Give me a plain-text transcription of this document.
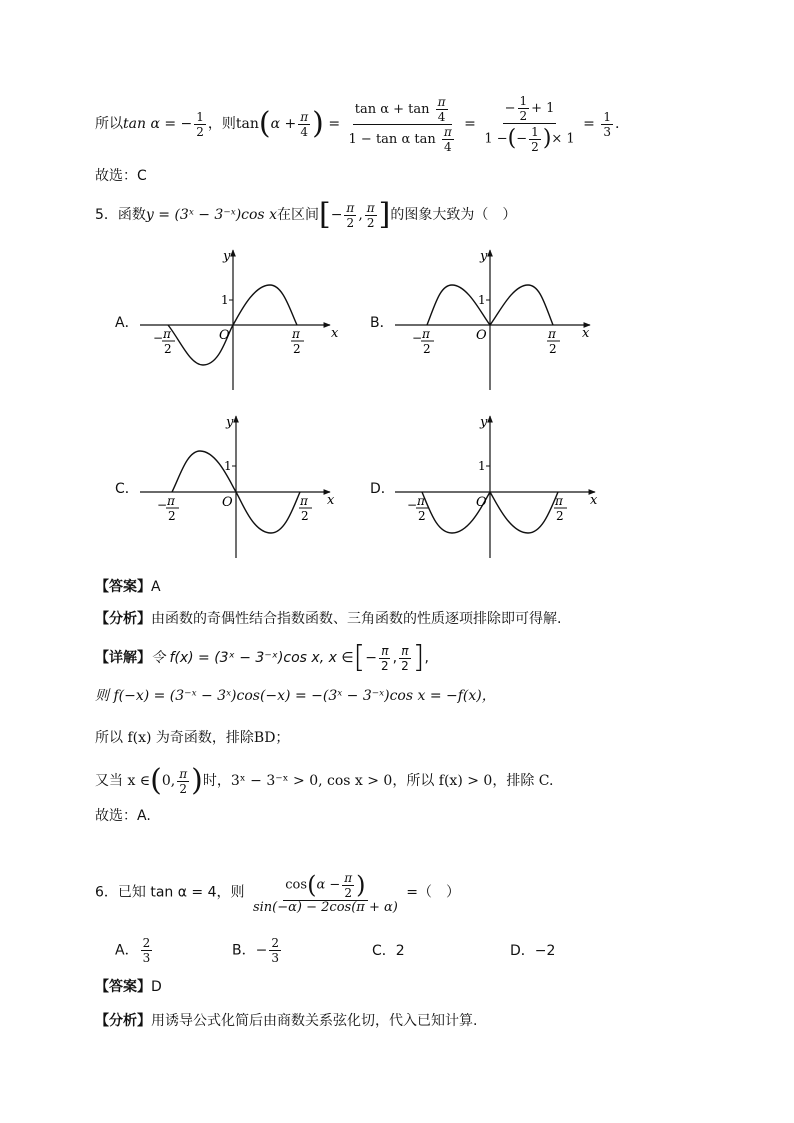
所以tan α = − $\frac{1}{2}$ ，则$\tan(\alpha + \frac{\pi}{4}$ ) = $\frac{\tan \alpha + \tan \frac{\pi}{4}}{1 - \tan \alpha \tan \frac{\pi}{4}} = \frac{- \frac{1}{2} + 1}{1 -(- \frac{1}{2} )\times 1} = \frac{1}{3}$ .
故选：C
5．函数y = (3ˣ − 3⁻ˣ)cos x在区间[− $\frac{\pi}{2}$ , $\frac{\pi}{2}$ ]的图象大致为（　）
A．	B．
C．	D．
y
x
O
1
− π
2
π
2
y
x
O
1
− π
2
π
2
y
x
O
1
− π
2
π
2
y
x
O
1
− π
2
π
2
【答案】A
【分析】由函数的奇偶性结合指数函数、三角函数的性质逐项排除即可得解.
【详解】令 f(x) = (3ˣ − 3⁻ˣ)cos x, x ∈[− $\frac{\pi}{2}$ , $\frac{\pi}{2}$ ],
则 f(−x) = (3⁻ˣ − 3ˣ)cos(−x) = −(3ˣ − 3⁻ˣ)cos x = −f(x)，
所以 f(x) 为奇函数，排除BD；
又当 x ∈(0, $\frac{\pi}{2}$ )时，3ˣ − 3⁻ˣ > 0, cos x > 0，所以 f(x) > 0，排除 C.
故选：A.
6．已知 tan α = 4，则 $\frac{\cos(\alpha - \frac{\pi}{2} )}{\sin(-\alpha) - 2\cos(\pi + \alpha)}$ =（　）
A． $\frac{2}{3}$	B．− $\frac{2}{3}$	C．2	D．−2
【答案】D
【分析】用诱导公式化简后由商数关系弦化切，代入已知计算.
